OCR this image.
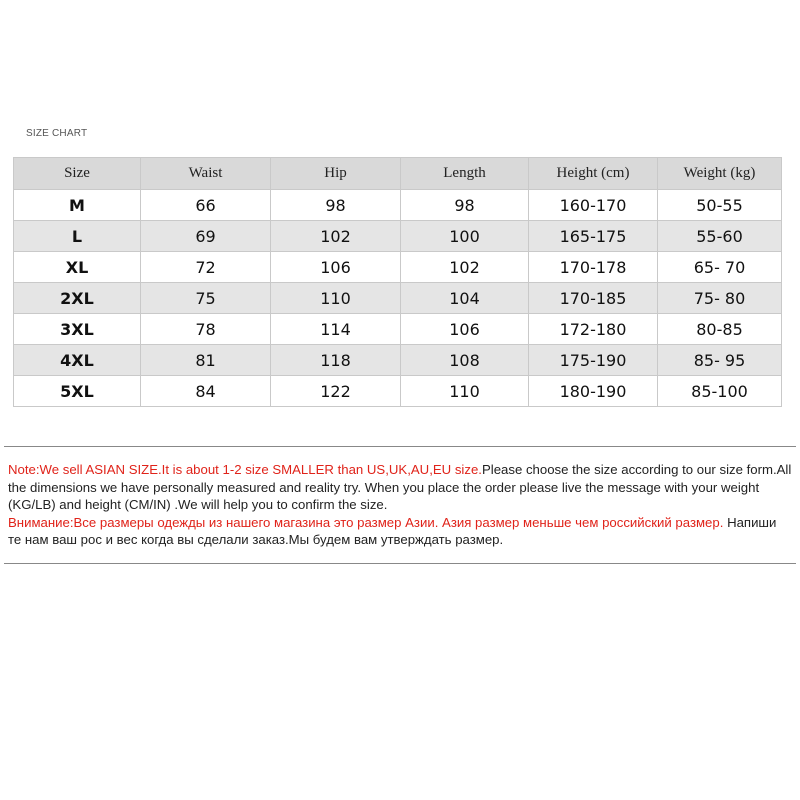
SIZE CHART
Size	Waist	Hip	Length	Height (cm)	Weight (kg)
M	66	98	98	160-170	50-55
L	69	102	100	165-175	55-60
XL	72	106	102	170-178	65- 70
2XL	75	110	104	170-185	75- 80
3XL	78	114	106	172-180	80-85
4XL	81	118	108	175-190	85- 95
5XL	84	122	110	180-190	85-100
Note:We sell ASIAN SIZE.It is about 1-2 size SMALLER than US,UK,AU,EU size.Please choose the size according to our size form.All the dimensions we have personally measured and reality try. When you place the order please live the message with your weight (KG/LB) and height (CM/IN) .We will help you to confirm the size.
Внимание:Все размеры одежды из нашего магазина это размер Азии. Азия размер меньше чем российский размер. Напиши те нам ваш рос и вес когда вы сделали заказ.Мы будем вам утверждать размер.
